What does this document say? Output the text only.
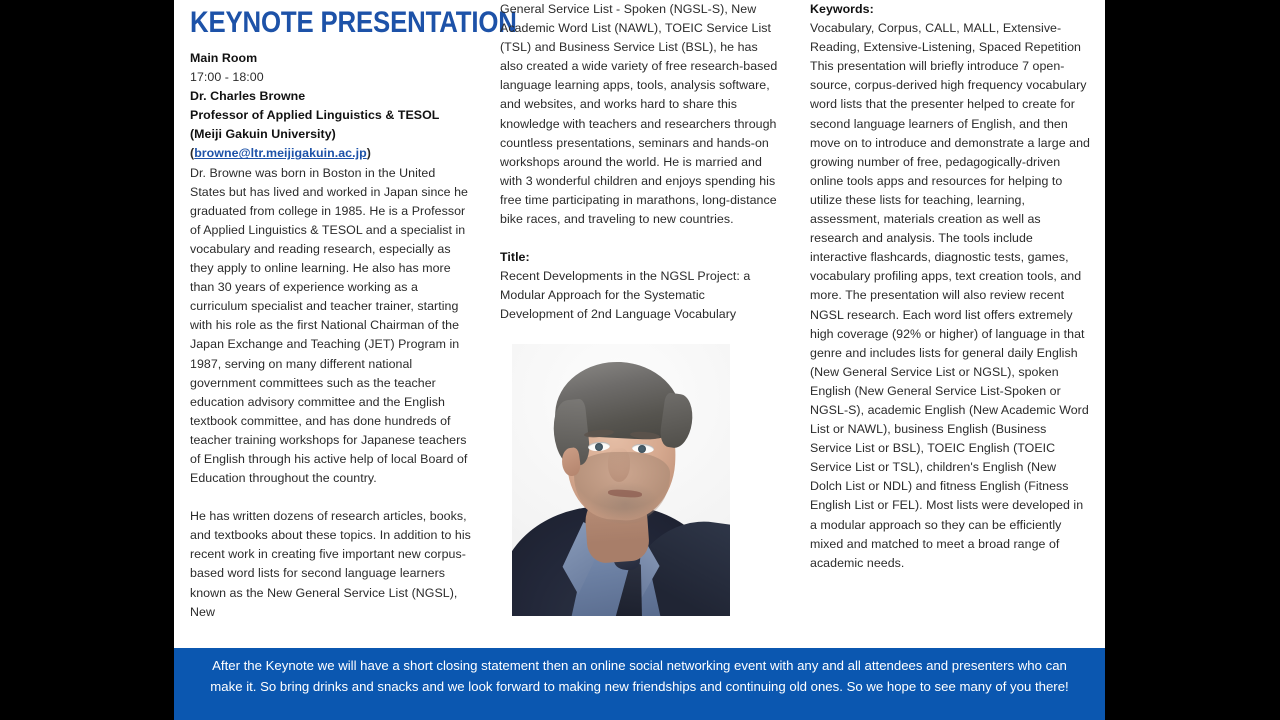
KEYNOTE PRESENTATION
Main Room
17:00 - 18:00
Dr. Charles Browne
Professor of Applied Linguistics & TESOL
(Meiji Gakuin University)
(browne@ltr.meijigakuin.ac.jp)

Dr. Browne was born in Boston in the United States but has lived and worked in Japan since he graduated from college in 1985. He is a Professor of Applied Linguistics & TESOL and a specialist in vocabulary and reading research, especially as they apply to online learning. He also has more than 30 years of experience working as a curriculum specialist and teacher trainer, starting with his role as the first National Chairman of the Japan Exchange and Teaching (JET) Program in 1987, serving on many different national government committees such as the teacher education advisory committee and the English textbook committee, and has done hundreds of teacher training workshops for Japanese teachers of English through his active help of local Board of Education throughout the country.

He has written dozens of research articles, books, and textbooks about these topics. In addition to his recent work in creating five important new corpus-based word lists for second language learners known as the New General Service List (NGSL), New

General Service List - Spoken (NGSL-S), New Academic Word List (NAWL), TOEIC Service List (TSL) and Business Service List (BSL), he has also created a wide variety of free research-based language learning apps, tools, analysis software, and websites, and works hard to share this knowledge with teachers and researchers through countless presentations, seminars and hands-on workshops around the world. He is married and with 3 wonderful children and enjoys spending his free time participating in marathons, long-distance bike races, and traveling to new countries.

Title:

Recent Developments in the NGSL Project: a Modular Approach for the Systematic Development of 2nd Language Vocabulary

Keywords:

Vocabulary, Corpus, CALL, MALL, Extensive-Reading, Extensive-Listening, Spaced Repetition

This presentation will briefly introduce 7 open-source, corpus-derived high frequency vocabulary word lists that the presenter helped to create for second language learners of English, and then move on to introduce and demonstrate a large and growing number of free, pedagogically-driven online tools apps and resources for helping to utilize these lists for teaching, learning, assessment, materials creation as well as research and analysis. The tools include interactive flashcards, diagnostic tests, games, vocabulary profiling apps, text creation tools, and more. The presentation will also review recent NGSL research. Each word list offers extremely high coverage (92% or higher) of language in that genre and includes lists for general daily English (New General Service List or NGSL), spoken English (New General Service List-Spoken or NGSL-S), academic English (New Academic Word List or NAWL), business English (Business Service List or BSL), TOEIC English (TOEIC Service List or TSL), children's English (New Dolch List or NDL) and fitness English (Fitness English List or FEL). Most lists were developed in a modular approach so they can be efficiently mixed and matched to meet a broad range of academic needs.

After the Keynote we will have a short closing statement then an online social networking event with any and all attendees and presenters who can make it. So bring drinks and snacks and we look forward to making new friendships and continuing old ones. So we hope to see many of you there!
